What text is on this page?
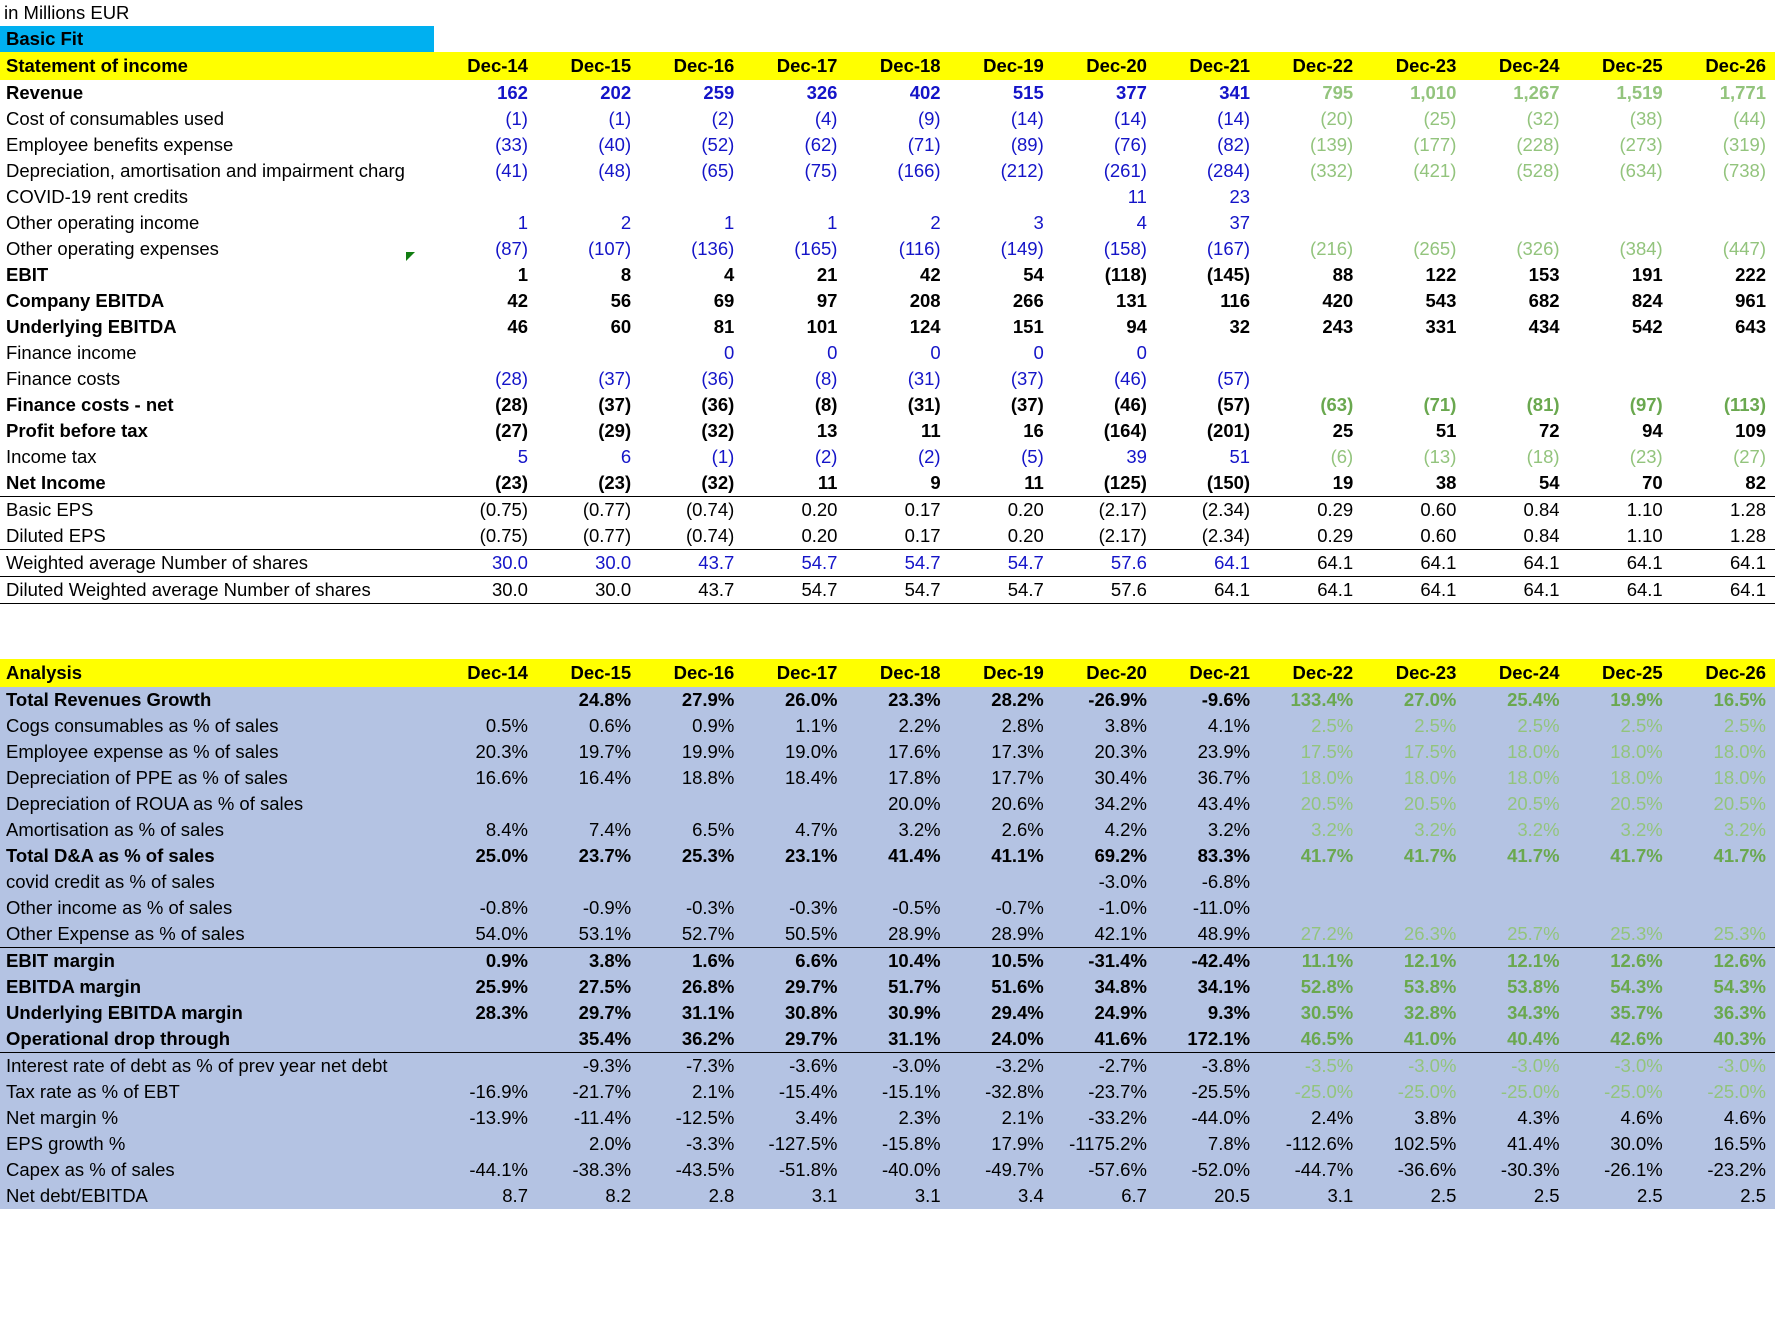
in Millions EUR
Basic Fit	
Statement of income	Dec-14	Dec-15	Dec-16	Dec-17	Dec-18	Dec-19	Dec-20	Dec-21	Dec-22	Dec-23	Dec-24	Dec-25	Dec-26
Revenue	162	202	259	326	402	515	377	341	795	1,010	1,267	1,519	1,771
Cost of consumables used	(1)	(1)	(2)	(4)	(9)	(14)	(14)	(14)	(20)	(25)	(32)	(38)	(44)
Employee benefits expense	(33)	(40)	(52)	(62)	(71)	(89)	(76)	(82)	(139)	(177)	(228)	(273)	(319)
Depreciation, amortisation and impairment charg	(41)	(48)	(65)	(75)	(166)	(212)	(261)	(284)	(332)	(421)	(528)	(634)	(738)
COVID-19 rent credits							11	23					
Other operating income	1	2	1	1	2	3	4	37					
Other operating expenses	(87)	(107)	(136)	(165)	(116)	(149)	(158)	(167)	(216)	(265)	(326)	(384)	(447)
EBIT	1	8	4	21	42	54	(118)	(145)	88	122	153	191	222
Company EBITDA	42	56	69	97	208	266	131	116	420	543	682	824	961
Underlying EBITDA	46	60	81	101	124	151	94	32	243	331	434	542	643
Finance income			0	0	0	0	0						
Finance costs	(28)	(37)	(36)	(8)	(31)	(37)	(46)	(57)					
Finance costs - net	(28)	(37)	(36)	(8)	(31)	(37)	(46)	(57)	(63)	(71)	(81)	(97)	(113)
Profit before tax	(27)	(29)	(32)	13	11	16	(164)	(201)	25	51	72	94	109
Income tax	5	6	(1)	(2)	(2)	(5)	39	51	(6)	(13)	(18)	(23)	(27)
Net Income	(23)	(23)	(32)	11	9	11	(125)	(150)	19	38	54	70	82
Basic EPS	(0.75)	(0.77)	(0.74)	0.20	0.17	0.20	(2.17)	(2.34)	0.29	0.60	0.84	1.10	1.28
Diluted EPS	(0.75)	(0.77)	(0.74)	0.20	0.17	0.20	(2.17)	(2.34)	0.29	0.60	0.84	1.10	1.28
Weighted average Number of shares	30.0	30.0	43.7	54.7	54.7	54.7	57.6	64.1	64.1	64.1	64.1	64.1	64.1
Diluted Weighted average Number of shares	30.0	30.0	43.7	54.7	54.7	54.7	57.6	64.1	64.1	64.1	64.1	64.1	64.1
Analysis	Dec-14	Dec-15	Dec-16	Dec-17	Dec-18	Dec-19	Dec-20	Dec-21	Dec-22	Dec-23	Dec-24	Dec-25	Dec-26
Total Revenues Growth		24.8%	27.9%	26.0%	23.3%	28.2%	-26.9%	-9.6%	133.4%	27.0%	25.4%	19.9%	16.5%
Cogs consumables as % of sales	0.5%	0.6%	0.9%	1.1%	2.2%	2.8%	3.8%	4.1%	2.5%	2.5%	2.5%	2.5%	2.5%
Employee expense as % of sales	20.3%	19.7%	19.9%	19.0%	17.6%	17.3%	20.3%	23.9%	17.5%	17.5%	18.0%	18.0%	18.0%
Depreciation of PPE as % of sales	16.6%	16.4%	18.8%	18.4%	17.8%	17.7%	30.4%	36.7%	18.0%	18.0%	18.0%	18.0%	18.0%
Depreciation of ROUA as % of sales					20.0%	20.6%	34.2%	43.4%	20.5%	20.5%	20.5%	20.5%	20.5%
Amortisation as % of sales	8.4%	7.4%	6.5%	4.7%	3.2%	2.6%	4.2%	3.2%	3.2%	3.2%	3.2%	3.2%	3.2%
Total D&A as % of sales	25.0%	23.7%	25.3%	23.1%	41.4%	41.1%	69.2%	83.3%	41.7%	41.7%	41.7%	41.7%	41.7%
covid credit as % of sales							-3.0%	-6.8%					
Other income as % of sales	-0.8%	-0.9%	-0.3%	-0.3%	-0.5%	-0.7%	-1.0%	-11.0%					
Other Expense as % of sales	54.0%	53.1%	52.7%	50.5%	28.9%	28.9%	42.1%	48.9%	27.2%	26.3%	25.7%	25.3%	25.3%
EBIT margin	0.9%	3.8%	1.6%	6.6%	10.4%	10.5%	-31.4%	-42.4%	11.1%	12.1%	12.1%	12.6%	12.6%
EBITDA margin	25.9%	27.5%	26.8%	29.7%	51.7%	51.6%	34.8%	34.1%	52.8%	53.8%	53.8%	54.3%	54.3%
Underlying EBITDA margin	28.3%	29.7%	31.1%	30.8%	30.9%	29.4%	24.9%	9.3%	30.5%	32.8%	34.3%	35.7%	36.3%
Operational drop through		35.4%	36.2%	29.7%	31.1%	24.0%	41.6%	172.1%	46.5%	41.0%	40.4%	42.6%	40.3%
Interest rate of debt as % of prev year net debt		-9.3%	-7.3%	-3.6%	-3.0%	-3.2%	-2.7%	-3.8%	-3.5%	-3.0%	-3.0%	-3.0%	-3.0%
Tax rate as % of EBT	-16.9%	-21.7%	2.1%	-15.4%	-15.1%	-32.8%	-23.7%	-25.5%	-25.0%	-25.0%	-25.0%	-25.0%	-25.0%
Net margin %	-13.9%	-11.4%	-12.5%	3.4%	2.3%	2.1%	-33.2%	-44.0%	2.4%	3.8%	4.3%	4.6%	4.6%
EPS growth %		2.0%	-3.3%	-127.5%	-15.8%	17.9%	-1175.2%	7.8%	-112.6%	102.5%	41.4%	30.0%	16.5%
Capex as % of sales	-44.1%	-38.3%	-43.5%	-51.8%	-40.0%	-49.7%	-57.6%	-52.0%	-44.7%	-36.6%	-30.3%	-26.1%	-23.2%
Net debt/EBITDA	8.7	8.2	2.8	3.1	3.1	3.4	6.7	20.5	3.1	2.5	2.5	2.5	2.5
